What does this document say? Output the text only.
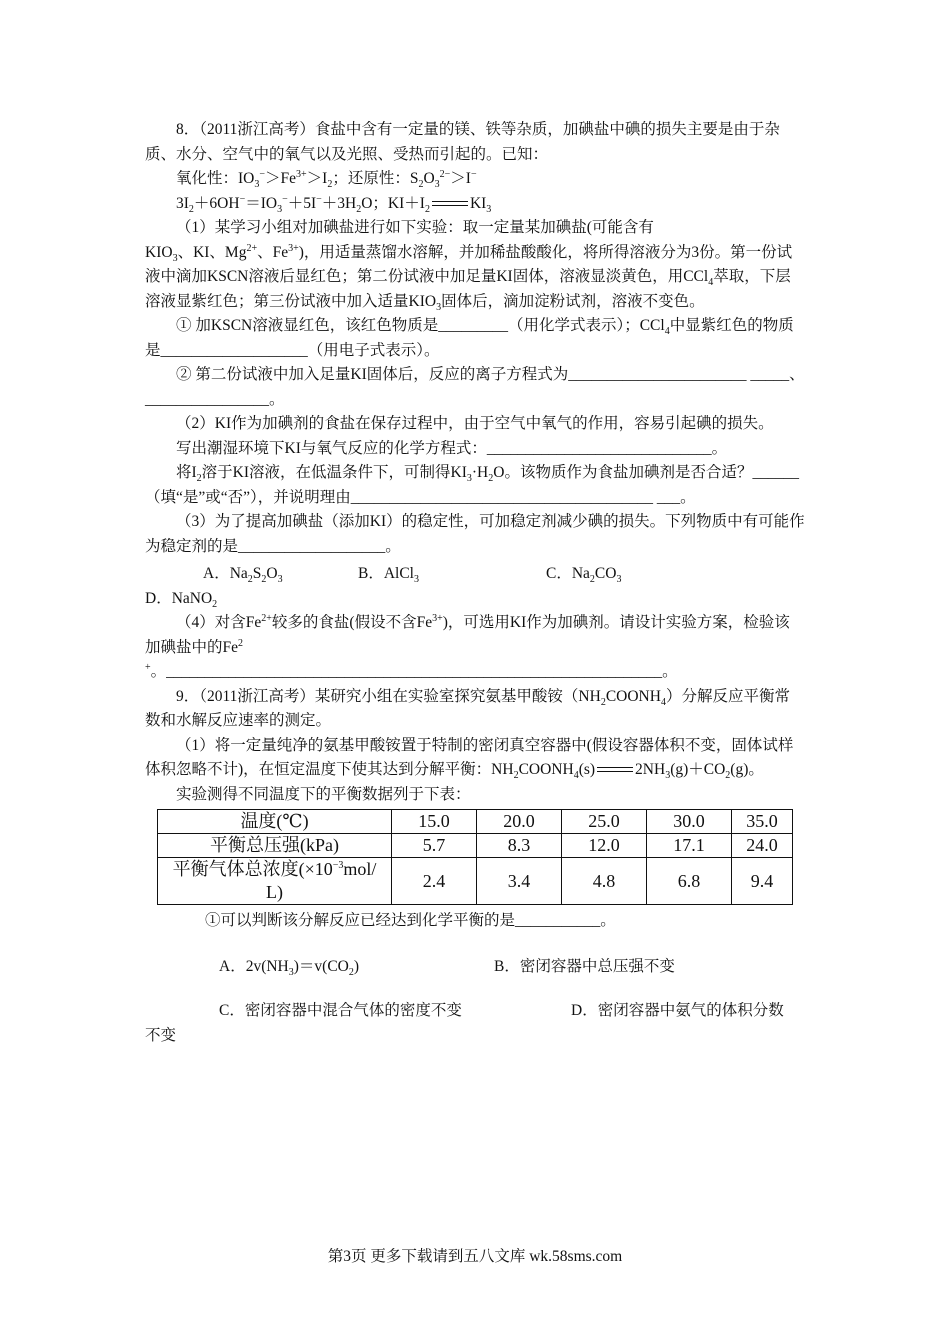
8．（2011浙江高考）食盐中含有一定量的镁、铁等杂质，加碘盐中碘的损失主要是由于杂质、水分、空气中的氧气以及光照、受热而引起的。已知：

氧化性：$IO_3^->Fe^{3+}>I_2$；还原性：$S_2O_3^{2-}>I^-$

$3I_2+6OH^-=IO_3^-+5I^-+3H_2O$；$KI+I_2$	$KI_3$

（1）某学习小组对加碘盐进行如下实验：取一定量某加碘盐(可能含有

$KIO_3$、KI、$Mg^{2+}$、$Fe^{3+}$)，用适量蒸馏水溶解，并加稀盐酸酸化，将所得溶液分为3份。第一份试液中滴加KSCN溶液后显红色；第二份试液中加足量KI固体，溶液显淡黄色，用CCl$_4$萃取，下层溶液显紫红色；第三份试液中加入适量$KIO_3$固体后，滴加淀粉试剂，溶液不变色。

① 加KSCN溶液显红色，该红色物质是_________（用化学式表示）；CCl$_4$中显紫红色的物质是___________________（用电子式表示）。

② 第二份试液中加入足量KI固体后，反应的离子方程式为_______________________ _____、________________。

（2）KI作为加碘剂的食盐在保存过程中，由于空气中氧气的作用，容易引起碘的损失。

写出潮湿环境下KI与氧气反应的化学方程式：_____________________________。

将$I_2$溶于KI溶液，在低温条件下，可制得$KI_3\cdot H_2O$。该物质作为食盐加碘剂是否合适？______（填“是”或“否”），并说明理由_______________________________________ ___。

（3）为了提高加碘盐（添加KI）的稳定性，可加稳定剂减少碘的损失。下列物质中有可能作为稳定剂的是___________________。

A．$Na_2S_2O_3$	B．AlCl$_3$	C．$Na_2CO_3$

D．NaNO$_2$

（4）对含$Fe^{2+}$较多的食盐(假设不含$Fe^{3+}$)，可选用KI作为加碘剂。请设计实验方案，检验该加碘盐中的Fe$^2$

+。________________________________________________________________。

9．（2011浙江高考）某研究小组在实验室探究氨基甲酸铵$(NH_2COONH_4)$分解反应平衡常数和水解反应速率的测定。

（1）将一定量纯净的氨基甲酸铵置于特制的密闭真空容器中(假设容器体积不变，固体试样体积忽略不计)，在恒定温度下使其达到分解平衡：$NH_2COONH_4(s)$	$2NH_3(g)+CO_2(g)$。

实验测得不同温度下的平衡数据列于下表：

温度(℃)	15.0	20.0	25.0	30.0	35.0
平衡总压强(kPa)	5.7	8.3	12.0	17.1	24.0
平衡气体总浓度($\times 10^{-3}mol/$
L)	2.4	3.4	4.8	6.8	9.4

①可以判断该分解反应已经达到化学平衡的是___________。

A．$2v(NH_3)=v(CO_2)$	B．密闭容器中总压强不变
C．密闭容器中混合气体的密度不变	D．密闭容器中氨气的体积分数

不变

第3页 更多下载请到五八文库 wk.58sms.com
